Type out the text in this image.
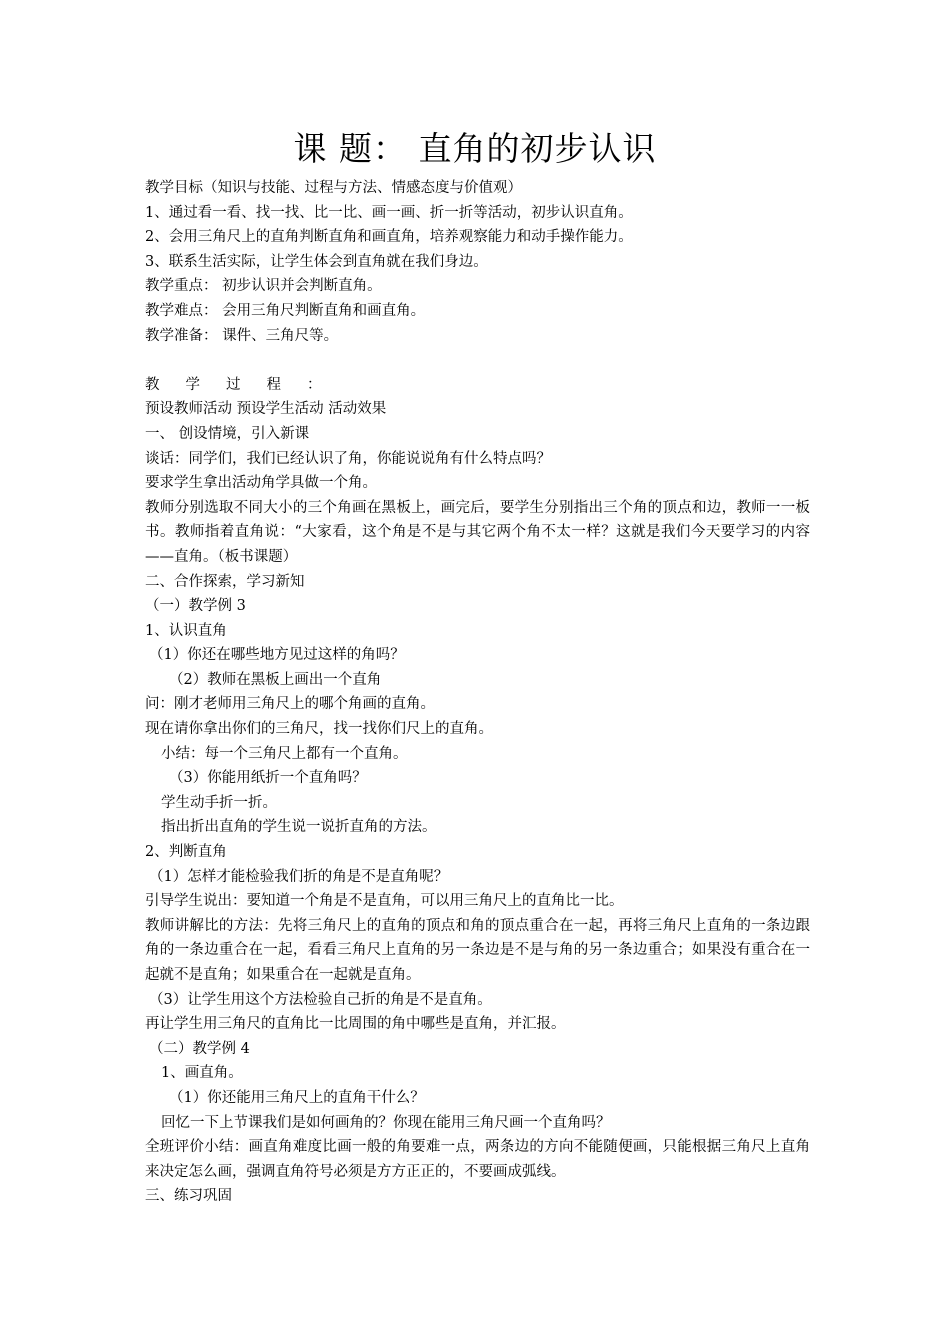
课 题： 直角的初步认识
教学目标（知识与技能、过程与方法、情感态度与价值观）
1、通过看一看、找一找、比一比、画一画、折一折等活动，初步认识直角。
2、会用三角尺上的直角判断直角和画直角，培养观察能力和动手操作能力。
3、联系生活实际，让学生体会到直角就在我们身边。
教学重点： 初步认识并会判断直角。
教学难点： 会用三角尺判断直角和画直角。
教学准备： 课件、三角尺等。
教学过程：
预设教师活动 预设学生活动 活动效果
一、 创设情境，引入新课
谈话：同学们，我们已经认识了角，你能说说角有什么特点吗？
要求学生拿出活动角学具做一个角。
教师分别选取不同大小的三个角画在黑板上，画完后，要学生分别指出三个角的顶点和边，教师一一板书。教师指着直角说：“大家看，这个角是不是与其它两个角不太一样？这就是我们今天要学习的内容——直角。（板书课题）
二、合作探索，学习新知
（一）教学例 3
1、认识直角
（1）你还在哪些地方见过这样的角吗？
（2）教师在黑板上画出一个直角
问：刚才老师用三角尺上的哪个角画的直角。
现在请你拿出你们的三角尺，找一找你们尺上的直角。
小结：每一个三角尺上都有一个直角。
（3）你能用纸折一个直角吗？
学生动手折一折。
指出折出直角的学生说一说折直角的方法。
2、判断直角
（1）怎样才能检验我们折的角是不是直角呢？
引导学生说出：要知道一个角是不是直角，可以用三角尺上的直角比一比。
教师讲解比的方法：先将三角尺上的直角的顶点和角的顶点重合在一起，再将三角尺上直角的一条边跟角的一条边重合在一起，看看三角尺上直角的另一条边是不是与角的另一条边重合；如果没有重合在一起就不是直角；如果重合在一起就是直角。
（3）让学生用这个方法检验自己折的角是不是直角。
再让学生用三角尺的直角比一比周围的角中哪些是直角，并汇报。
（二）教学例 4
1、画直角。
（1）你还能用三角尺上的直角干什么？
回忆一下上节课我们是如何画角的？你现在能用三角尺画一个直角吗？
全班评价小结：画直角难度比画一般的角要难一点，两条边的方向不能随便画，只能根据三角尺上直角来决定怎么画，强调直角符号必须是方方正正的，不要画成弧线。
三、练习巩固
